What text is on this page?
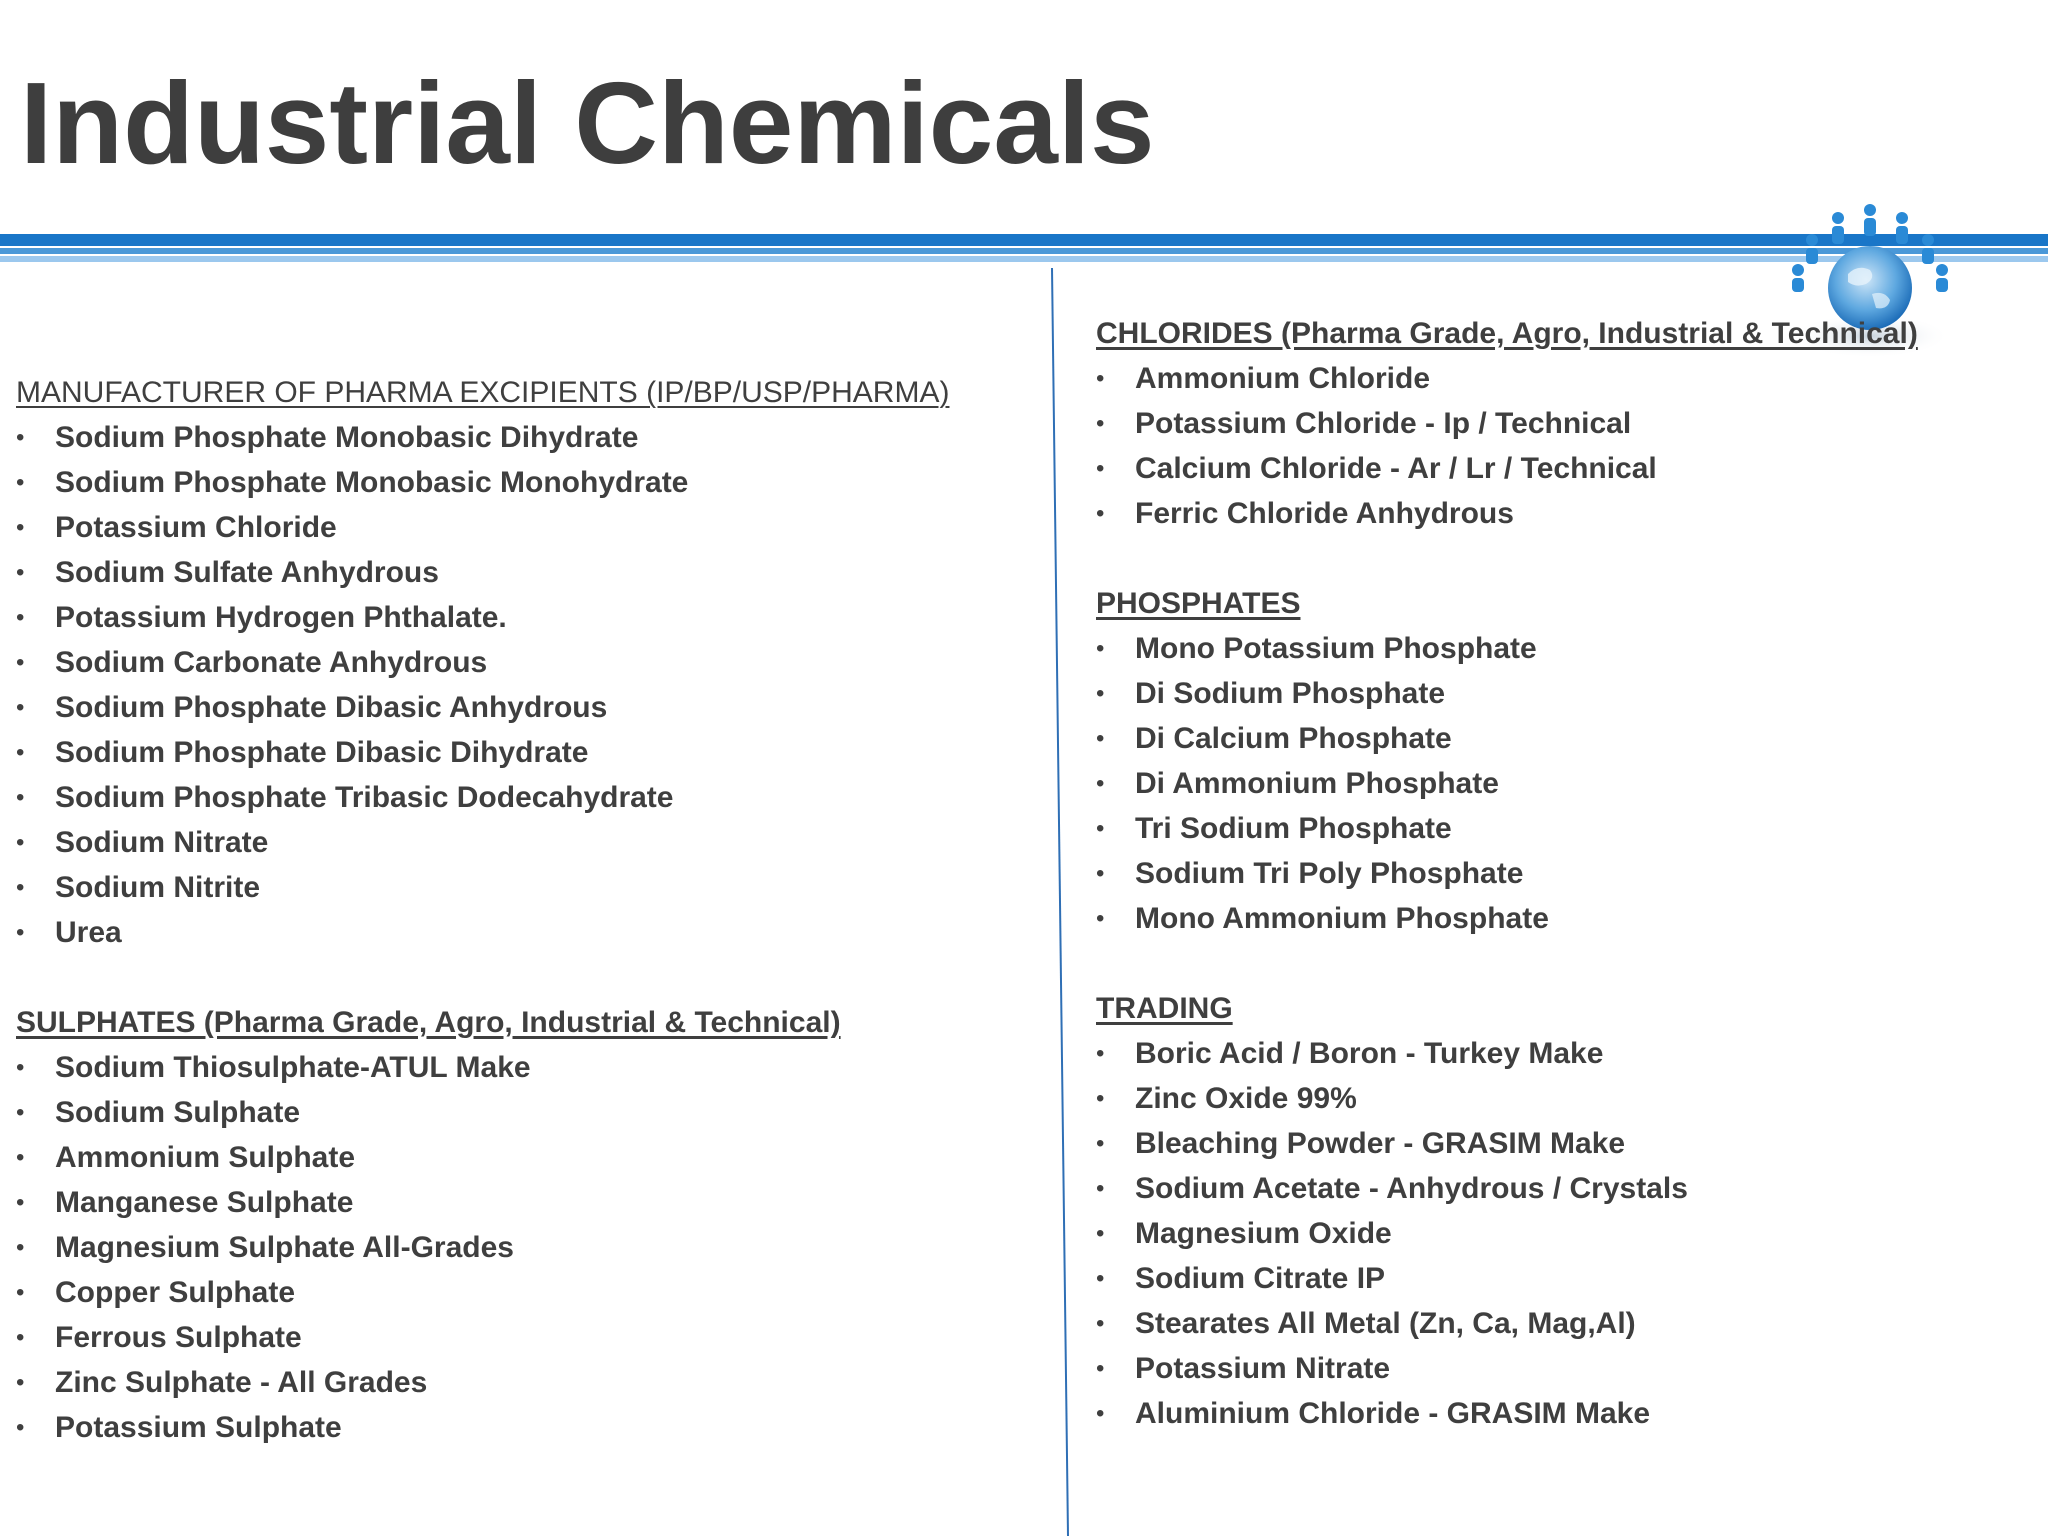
Industrial Chemicals
MANUFACTURER OF PHARMA EXCIPIENTS (IP/BP/USP/PHARMA)
• Sodium Phosphate Monobasic Dihydrate
• Sodium Phosphate Monobasic Monohydrate
• Potassium Chloride
• Sodium Sulfate Anhydrous
• Potassium Hydrogen Phthalate.
• Sodium Carbonate Anhydrous
• Sodium Phosphate Dibasic Anhydrous
• Sodium Phosphate Dibasic Dihydrate
• Sodium Phosphate Tribasic Dodecahydrate
• Sodium Nitrate
• Sodium Nitrite
• Urea
SULPHATES (Pharma Grade, Agro, Industrial & Technical)
• Sodium Thiosulphate-ATUL Make
• Sodium Sulphate
• Ammonium Sulphate
• Manganese Sulphate
• Magnesium Sulphate All-Grades
• Copper Sulphate
• Ferrous Sulphate
• Zinc Sulphate - All Grades
• Potassium Sulphate
CHLORIDES (Pharma Grade, Agro, Industrial & Technical)
• Ammonium Chloride
• Potassium Chloride - Ip / Technical
• Calcium Chloride - Ar / Lr / Technical
• Ferric Chloride Anhydrous
PHOSPHATES
• Mono Potassium Phosphate
• Di Sodium Phosphate
• Di Calcium Phosphate
• Di Ammonium Phosphate
• Tri Sodium Phosphate
• Sodium Tri Poly Phosphate
• Mono Ammonium Phosphate
TRADING
• Boric Acid / Boron - Turkey Make
• Zinc Oxide 99%
• Bleaching Powder - GRASIM Make
• Sodium Acetate - Anhydrous / Crystals
• Magnesium Oxide
• Sodium Citrate IP
• Stearates All Metal (Zn, Ca, Mag,Al)
• Potassium Nitrate
• Aluminium Chloride - GRASIM Make
